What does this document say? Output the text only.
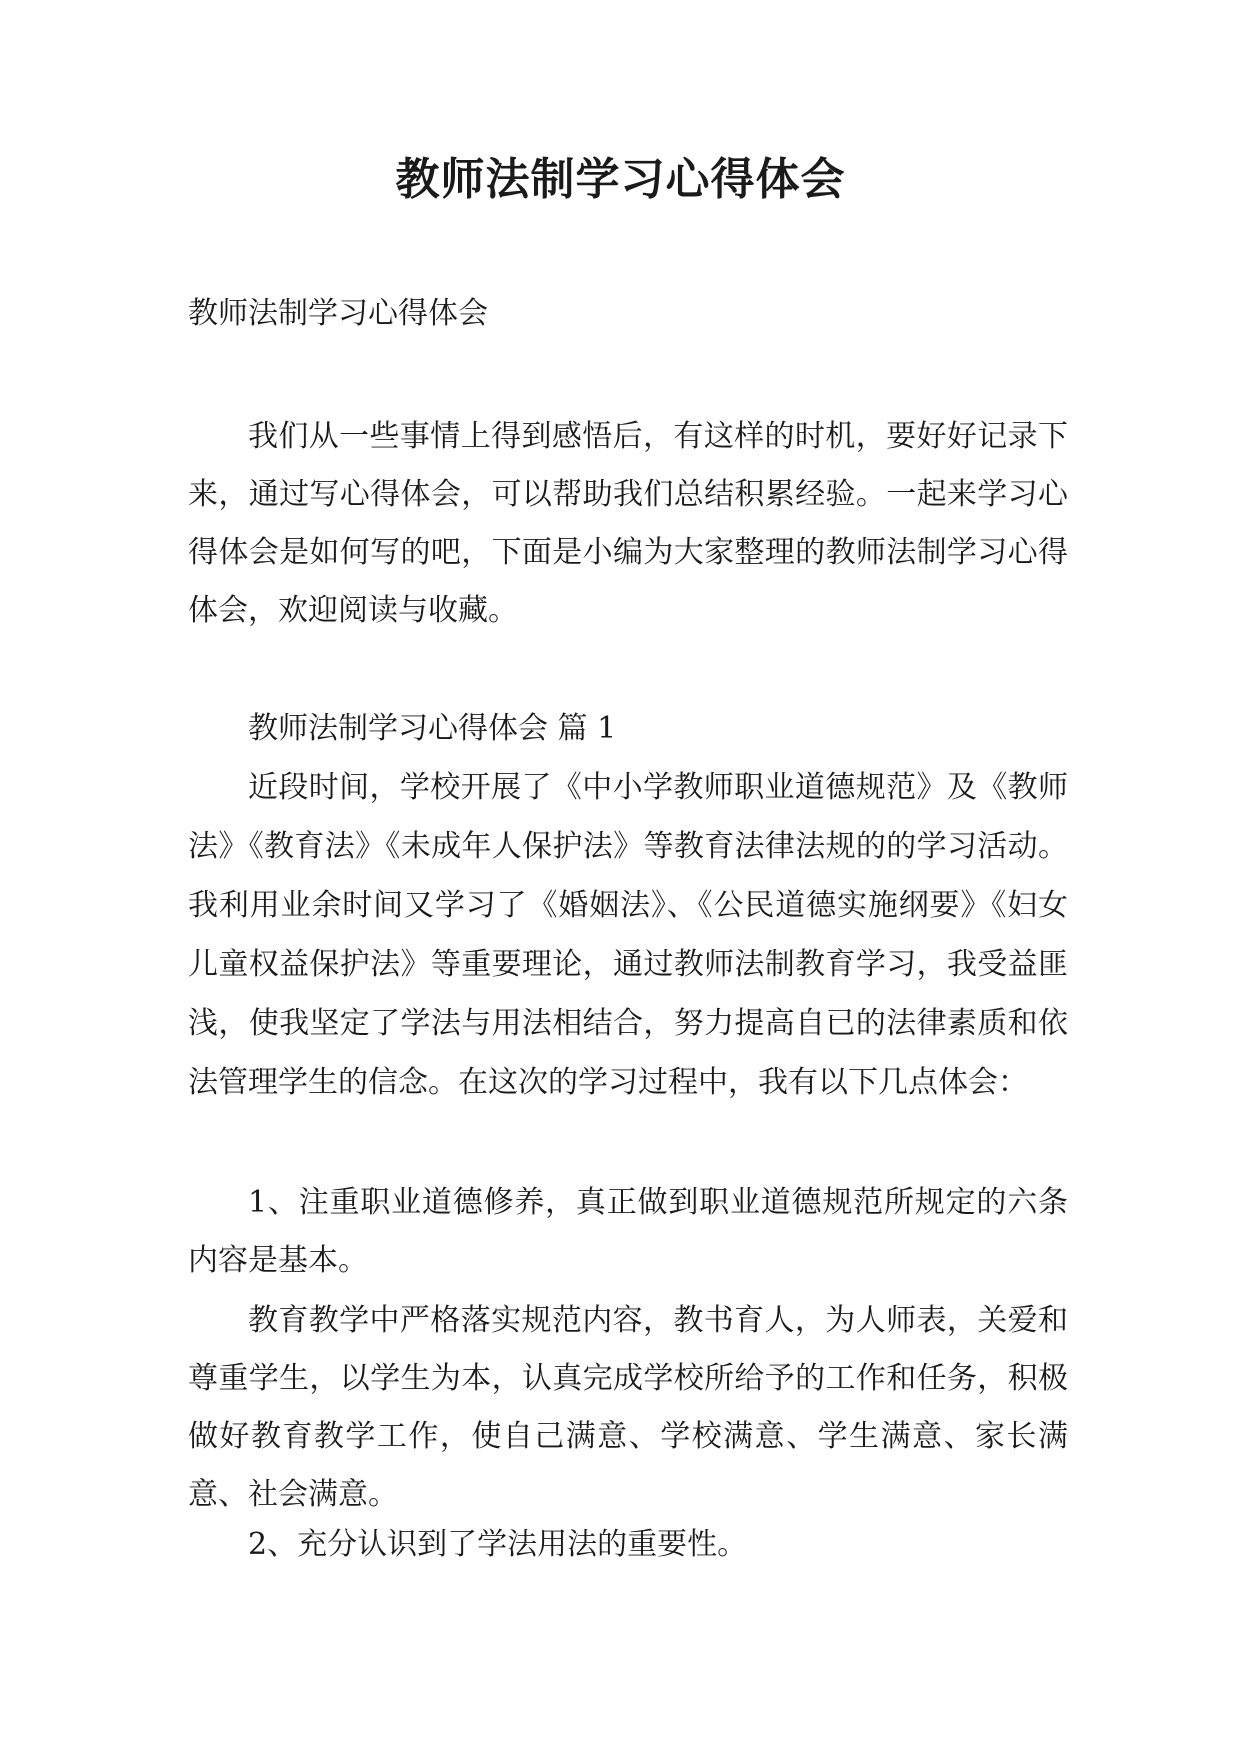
教师法制学习心得体会
教师法制学习心得体会
我们从一些事情上得到感悟后，有这样的时机，要好好记录下来，通过写心得体会，可以帮助我们总结积累经验。一起来学习心得体会是如何写的吧，下面是小编为大家整理的教师法制学习心得体会，欢迎阅读与收藏。
教师法制学习心得体会 篇 1
近段时间，学校开展了《中小学教师职业道德规范》及《教师法》《教育法》《未成年人保护法》等教育法律法规的的学习活动。我利用业余时间又学习了《婚姻法》、《公民道德实施纲要》《妇女儿童权益保护法》等重要理论，通过教师法制教育学习，我受益匪浅，使我坚定了学法与用法相结合，努力提高自已的法律素质和依法管理学生的信念。在这次的学习过程中，我有以下几点体会：
1、注重职业道德修养，真正做到职业道德规范所规定的六条内容是基本。
教育教学中严格落实规范内容，教书育人，为人师表，关爱和尊重学生，以学生为本，认真完成学校所给予的工作和任务，积极做好教育教学工作，使自己满意、学校满意、学生满意、家长满意、社会满意。
2、充分认识到了学法用法的重要性。
